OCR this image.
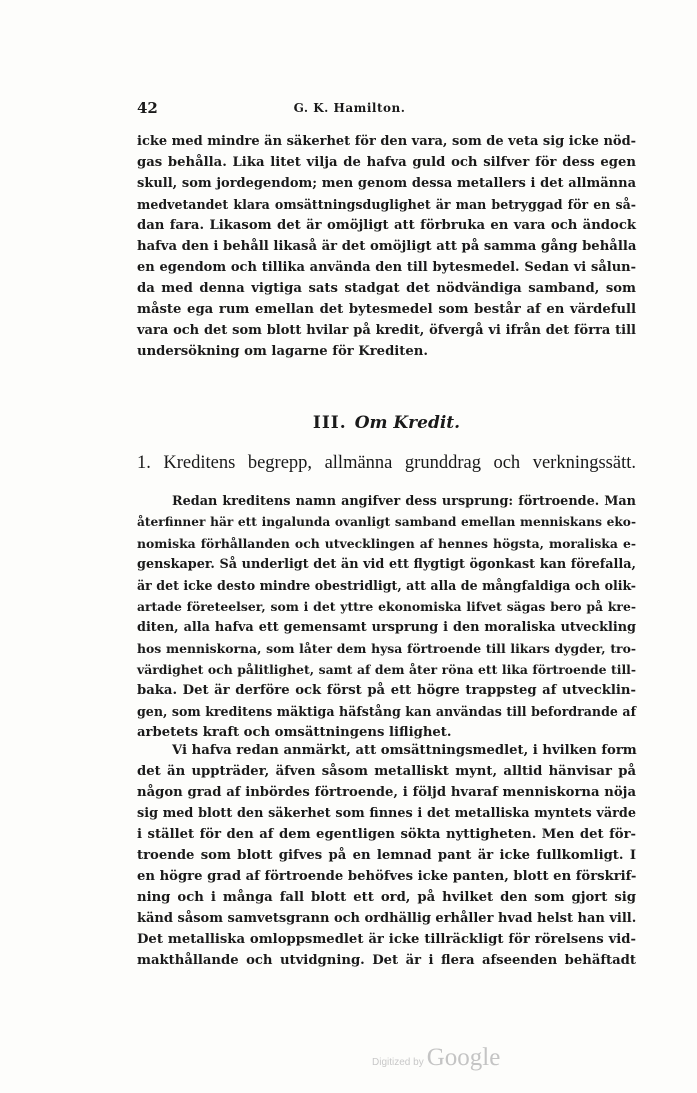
42	G. K. Hamilton.
icke med mindre än säkerhet för den vara, som de veta sig icke nöd-
gas behålla. Lika litet vilja de hafva guld och silfver för dess egen
skull, som jordegendom; men genom dessa metallers i det allmänna
medvetandet klara omsättningsduglighet är man betryggad för en så-
dan fara. Likasom det är omöjligt att förbruka en vara och ändock
hafva den i behåll likaså är det omöjligt att på samma gång behålla
en egendom och tillika använda den till bytesmedel. Sedan vi sålun-
da med denna vigtiga sats stadgat det nödvändiga samband, som
måste ega rum emellan det bytesmedel som består af en värdefull
vara och det som blott hvilar på kredit, öfvergå vi ifrån det förra till
undersökning om lagarne för Krediten.
III. Om Kredit.
1. Kreditens begrepp, allmänna grunddrag och verkningssätt.
Redan kreditens namn angifver dess ursprung: förtroende. Man
återfinner här ett ingalunda ovanligt samband emellan menniskans eko-
nomiska förhållanden och utvecklingen af hennes högsta, moraliska e-
genskaper. Så underligt det än vid ett flygtigt ögonkast kan förefalla,
är det icke desto mindre obestridligt, att alla de mångfaldiga och olik-
artade företeelser, som i det yttre ekonomiska lifvet sägas bero på kre-
diten, alla hafva ett gemensamt ursprung i den moraliska utveckling
hos menniskorna, som låter dem hysa förtroende till likars dygder, tro-
värdighet och pålitlighet, samt af dem åter röna ett lika förtroende till-
baka. Det är derföre ock först på ett högre trappsteg af utvecklin-
gen, som kreditens mäktiga häfstång kan användas till befordrande af
arbetets kraft och omsättningens liflighet.
Vi hafva redan anmärkt, att omsättningsmedlet, i hvilken form
det än uppträder, äfven såsom metalliskt mynt, alltid hänvisar på
någon grad af inbördes förtroende, i följd hvaraf menniskorna nöja
sig med blott den säkerhet som finnes i det metalliska myntets värde
i stället för den af dem egentligen sökta nyttigheten. Men det för-
troende som blott gifves på en lemnad pant är icke fullkomligt. I
en högre grad af förtroende behöfves icke panten, blott en förskrif-
ning och i många fall blott ett ord, på hvilket den som gjort sig
känd såsom samvetsgrann och ordhällig erhåller hvad helst han vill.
Det metalliska omloppsmedlet är icke tillräckligt för rörelsens vid-
makthållande och utvidgning. Det är i flera afseenden behäftadt
Digitized by Google
